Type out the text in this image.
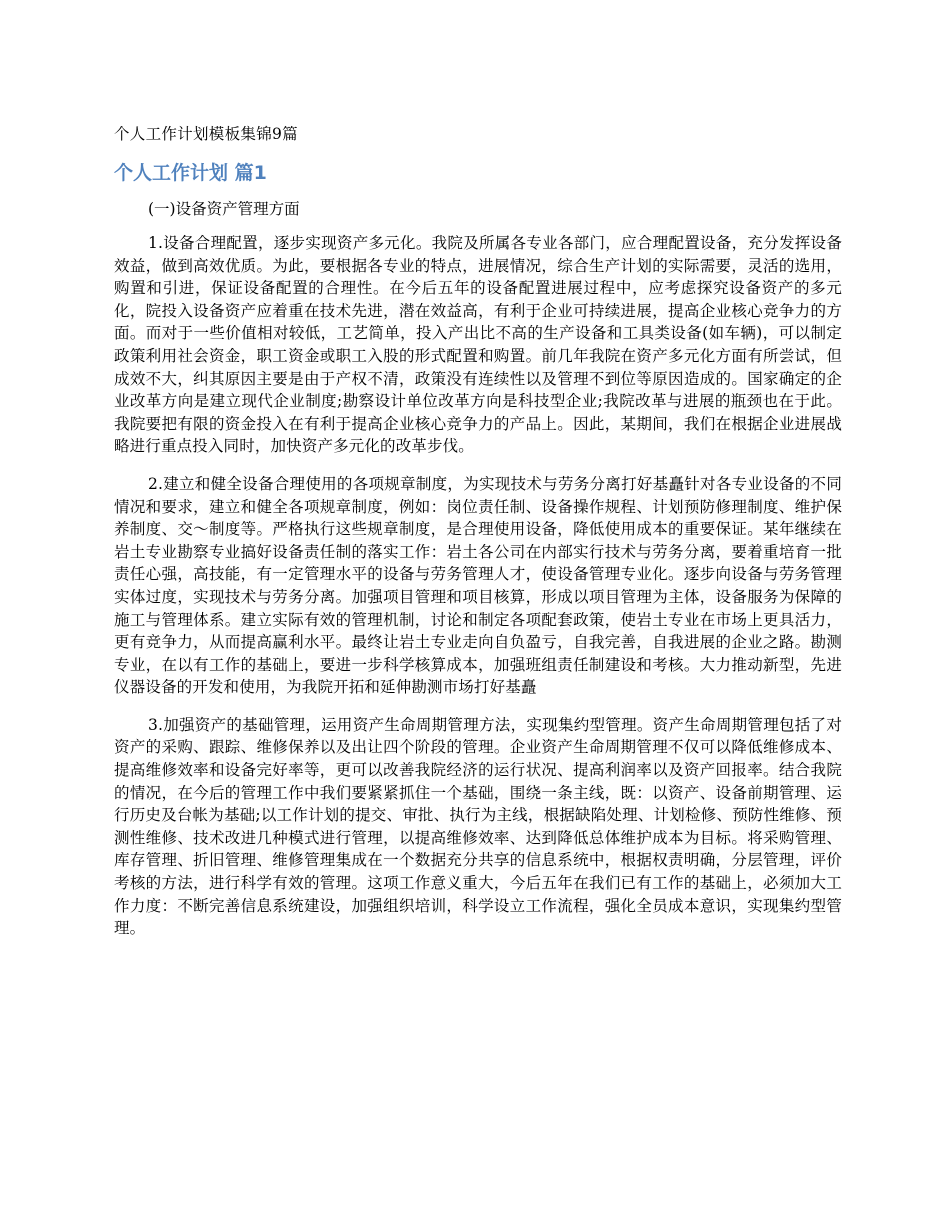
个人工作计划模板集锦9篇

个人工作计划 篇1

(一)设备资产管理方面

1.设备合理配置，逐步实现资产多元化。我院及所属各专业各部门，应合理配置设备，充分发挥设备效益，做到高效优质。为此，要根据各专业的特点，进展情况，综合生产计划的实际需要，灵活的选用，购置和引进，保证设备配置的合理性。在今后五年的设备配置进展过程中，应考虑探究设备资产的多元化，院投入设备资产应着重在技术先进，潜在效益高，有利于企业可持续进展，提高企业核心竞争力的方面。而对于一些价值相对较低，工艺简单，投入产出比不高的生产设备和工具类设备(如车辆)，可以制定政策利用社会资金，职工资金或职工入股的形式配置和购置。前几年我院在资产多元化方面有所尝试，但成效不大，纠其原因主要是由于产权不清，政策没有连续性以及管理不到位等原因造成的。国家确定的企业改革方向是建立现代企业制度;勘察设计单位改革方向是科技型企业;我院改革与进展的瓶颈也在于此。我院要把有限的资金投入在有利于提高企业核心竞争力的产品上。因此，某期间，我们在根据企业进展战略进行重点投入同时，加快资产多元化的改革步伐。

2.建立和健全设备合理使用的各项规章制度，为实现技术与劳务分离打好基矗针对各专业设备的不同情况和要求，建立和健全各项规章制度，例如：岗位责任制、设备操作规程、计划预防修理制度、维护保养制度、交～制度等。严格执行这些规章制度，是合理使用设备，降低使用成本的重要保证。某年继续在岩土专业勘察专业搞好设备责任制的落实工作：岩土各公司在内部实行技术与劳务分离，要着重培育一批责任心强，高技能，有一定管理水平的设备与劳务管理人才，使设备管理专业化。逐步向设备与劳务管理实体过度，实现技术与劳务分离。加强项目管理和项目核算，形成以项目管理为主体，设备服务为保障的施工与管理体系。建立实际有效的管理机制，讨论和制定各项配套政策，使岩土专业在市场上更具活力，更有竞争力，从而提高赢利水平。最终让岩土专业走向自负盈亏，自我完善，自我进展的企业之路。勘测专业，在以有工作的基础上，要进一步科学核算成本，加强班组责任制建设和考核。大力推动新型，先进仪器设备的开发和使用，为我院开拓和延伸勘测市场打好基矗

3.加强资产的基础管理，运用资产生命周期管理方法，实现集约型管理。资产生命周期管理包括了对资产的采购、跟踪、维修保养以及出让四个阶段的管理。企业资产生命周期管理不仅可以降低维修成本、提高维修效率和设备完好率等，更可以改善我院经济的运行状况、提高利润率以及资产回报率。结合我院的情况，在今后的管理工作中我们要紧紧抓住一个基础，围绕一条主线，既：以资产、设备前期管理、运行历史及台帐为基础;以工作计划的提交、审批、执行为主线，根据缺陷处理、计划检修、预防性维修、预测性维修、技术改进几种模式进行管理，以提高维修效率、达到降低总体维护成本为目标。将采购管理、库存管理、折旧管理、维修管理集成在一个数据充分共享的信息系统中，根据权责明确，分层管理，评价考核的方法，进行科学有效的管理。这项工作意义重大，今后五年在我们已有工作的基础上，必须加大工作力度：不断完善信息系统建设，加强组织培训，科学设立工作流程，强化全员成本意识，实现集约型管理。
